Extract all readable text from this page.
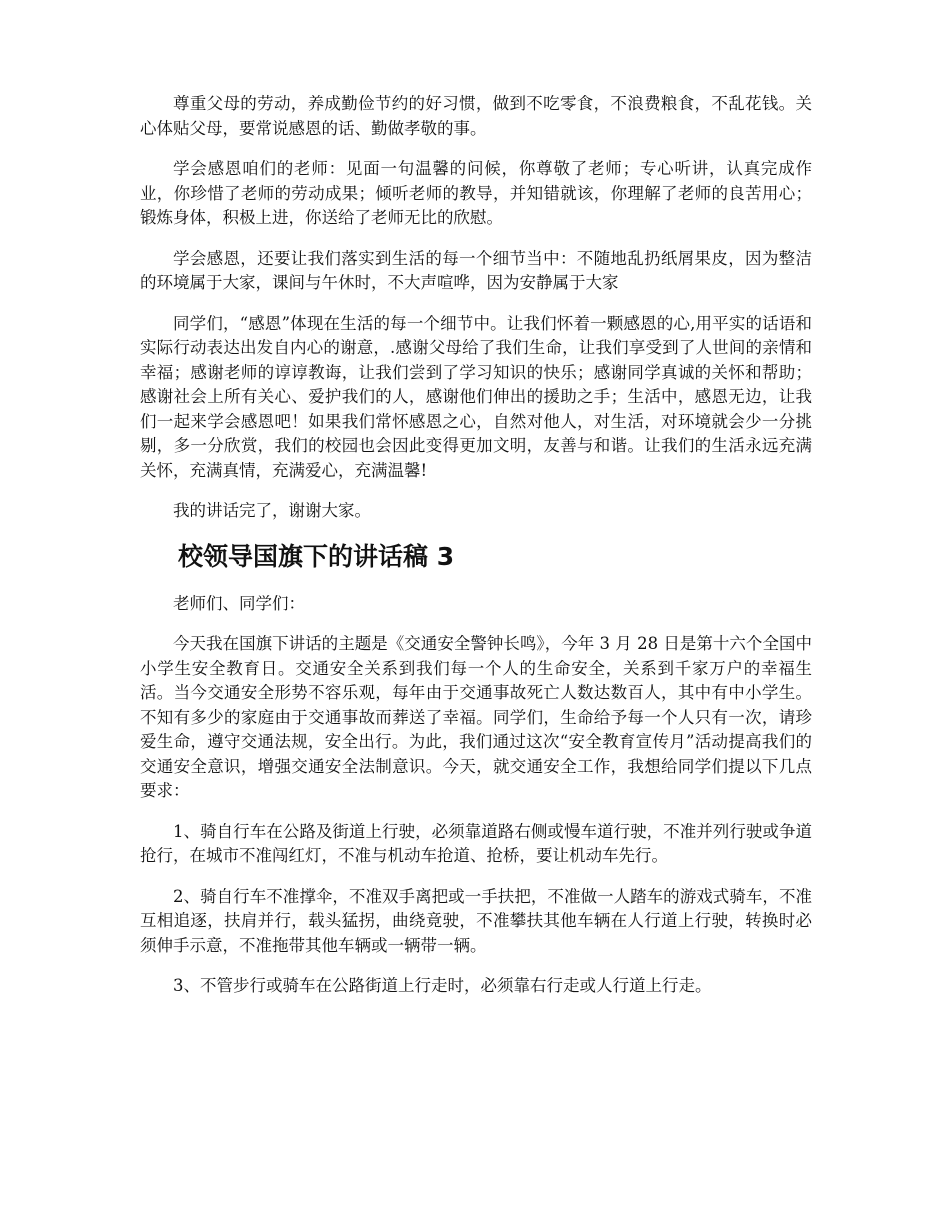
尊重父母的劳动，养成勤俭节约的好习惯，做到不吃零食，不浪费粮食，不乱花钱。关心体贴父母，要常说感恩的话、勤做孝敬的事。

学会感恩咱们的老师：见面一句温馨的问候，你尊敬了老师；专心听讲，认真完成作业，你珍惜了老师的劳动成果；倾听老师的教导，并知错就该，你理解了老师的良苦用心；锻炼身体，积极上进，你送给了老师无比的欣慰。

学会感恩，还要让我们落实到生活的每一个细节当中：不随地乱扔纸屑果皮，因为整洁的环境属于大家，课间与午休时，不大声喧哗，因为安静属于大家

同学们，“感恩”体现在生活的每一个细节中。让我们怀着一颗感恩的心,用平实的话语和实际行动表达出发自内心的谢意，.感谢父母给了我们生命，让我们享受到了人世间的亲情和幸福；感谢老师的谆谆教诲，让我们尝到了学习知识的快乐；感谢同学真诚的关怀和帮助；感谢社会上所有关心、爱护我们的人，感谢他们伸出的援助之手；生活中，感恩无边，让我们一起来学会感恩吧！如果我们常怀感恩之心，自然对他人，对生活，对环境就会少一分挑剔，多一分欣赏，我们的校园也会因此变得更加文明，友善与和谐。让我们的生活永远充满关怀，充满真情，充满爱心，充满温馨!

我的讲话完了，谢谢大家。

校领导国旗下的讲话稿 3

老师们、同学们：

今天我在国旗下讲话的主题是《交通安全警钟长鸣》，今年 3 月 28 日是第十六个全国中小学生安全教育日。交通安全关系到我们每一个人的生命安全，关系到千家万户的幸福生活。当今交通安全形势不容乐观，每年由于交通事故死亡人数达数百人，其中有中小学生。不知有多少的家庭由于交通事故而葬送了幸福。同学们，生命给予每一个人只有一次，请珍爱生命，遵守交通法规，安全出行。为此，我们通过这次“安全教育宣传月”活动提高我们的交通安全意识，增强交通安全法制意识。今天，就交通安全工作，我想给同学们提以下几点要求：

1、骑自行车在公路及街道上行驶，必须靠道路右侧或慢车道行驶，不准并列行驶或争道抢行，在城市不准闯红灯，不准与机动车抢道、抢桥，要让机动车先行。

2、骑自行车不准撑伞，不准双手离把或一手扶把，不准做一人踏车的游戏式骑车，不准互相追逐，扶肩并行，载头猛拐，曲绕竟驶，不准攀扶其他车辆在人行道上行驶，转换时必须伸手示意，不准拖带其他车辆或一辆带一辆。

3、不管步行或骑车在公路街道上行走时，必须靠右行走或人行道上行走。
